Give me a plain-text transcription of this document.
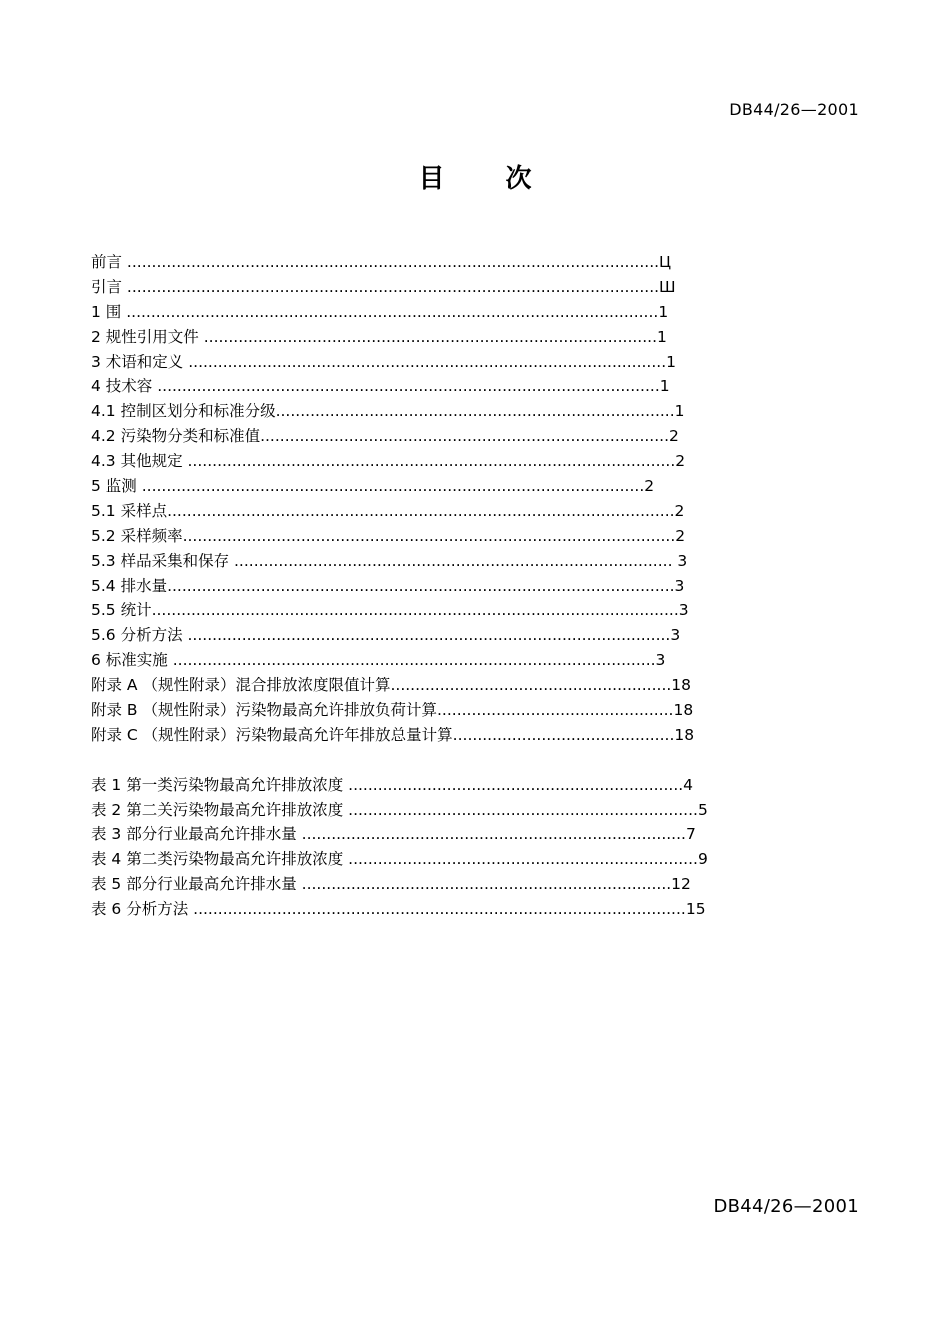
DB44/26—2001
目 次
前言 ............................................................................................................Ц
引言 ............................................................................................................Ш
1 围 ............................................................................................................1
2 规性引用文件 ............................................................................................1
3 术语和定义 .................................................................................................1
4 技术容 ......................................................................................................1
4.1 控制区划分和标准分级.................................................................................1
4.2 污染物分类和标准值...................................................................................2
4.3 其他规定 ...................................................................................................2
5 监测 ......................................................................................................2
5.1 采样点.......................................................................................................2
5.2 采样频率....................................................................................................2
5.3 样品采集和保存 ......................................................................................... 3
5.4 排水量.......................................................................................................3
5.5 统计...........................................................................................................3
5.6 分析方法 ..................................................................................................3
6 标准实施 ..................................................................................................3
附录 A （规性附录）混合排放浓度限值计算.........................................................18
附录 B （规性附录）污染物最高允许排放负荷计算................................................18
附录 C （规性附录）污染物最高允许年排放总量计算.............................................18
表 1 第一类污染物最高允许排放浓度 ....................................................................4
表 2 第二关污染物最高允许排放浓度 .......................................................................5
表 3 部分行业最高允许排水量 ..............................................................................7
表 4 第二类污染物最高允许排放浓度 .......................................................................9
表 5 部分行业最高允许排水量 ...........................................................................12
表 6 分析方法 ....................................................................................................15
DB44/26—2001
